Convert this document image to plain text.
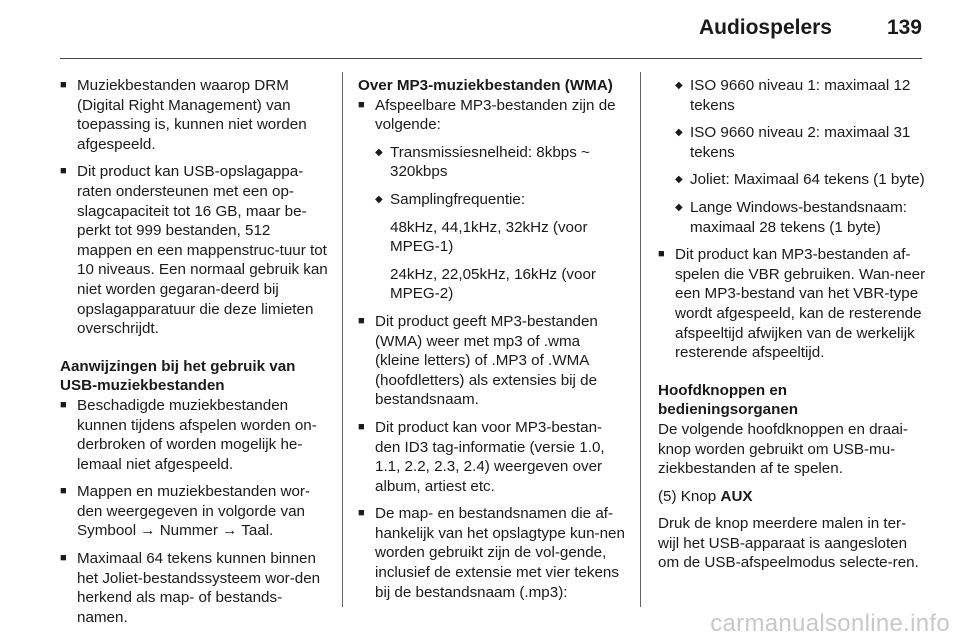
Audiospelers	139
■ Muziekbestanden waarop DRM (Digital Right Management) van toepassing is, kunnen niet worden afgespeeld.
■ Dit product kan USB-opslagappa-raten ondersteunen met een op-slagcapaciteit tot 16 GB, maar be-perkt tot 999 bestanden, 512 mappen en een mappenstruc-tuur tot 10 niveaus. Een normaal gebruik kan niet worden gegaran-deerd bij opslagapparatuur die deze limieten overschrijdt.
Aanwijzingen bij het gebruik van USB-muziekbestanden
■ Beschadigde muziekbestanden kunnen tijdens afspelen worden on-derbroken of worden mogelijk he-lemaal niet afgespeeld.
■ Mappen en muziekbestanden wor-den weergegeven in volgorde van Symbool → Nummer → Taal.
■ Maximaal 64 tekens kunnen binnen het Joliet-bestandssysteem wor-den herkend als map- of bestands-namen.
Over MP3-muziekbestanden (WMA)
■ Afspeelbare MP3-bestanden zijn de volgende:
◆ Transmissiesnelheid: 8kbps ~ 320kbps
◆ Samplingfrequentie:
48kHz, 44,1kHz, 32kHz (voor MPEG-1)
24kHz, 22,05kHz, 16kHz (voor MPEG-2)
■ Dit product geeft MP3-bestanden (WMA) weer met mp3 of .wma (kleine letters) of .MP3 of .WMA (hoofdletters) als extensies bij de bestandsnaam.
■ Dit product kan voor MP3-bestan-den ID3 tag-informatie (versie 1.0, 1.1, 2.2, 2.3, 2.4) weergeven over album, artiest etc.
■ De map- en bestandsnamen die af-hankelijk van het opslagtype kun-nen worden gebruikt zijn de vol-gende, inclusief de extensie met vier tekens bij de bestandsnaam (.mp3):
◆ ISO 9660 niveau 1: maximaal 12 tekens
◆ ISO 9660 niveau 2: maximaal 31 tekens
◆ Joliet: Maximaal 64 tekens (1 byte)
◆ Lange Windows-bestandsnaam: maximaal 28 tekens (1 byte)
■ Dit product kan MP3-bestanden af-spelen die VBR gebruiken. Wan-neer een MP3-bestand van het VBR-type wordt afgespeeld, kan de resterende afspeeltijd afwijken van de werkelijk resterende afspeeltijd.
Hoofdknoppen en bedieningsorganen
De volgende hoofdknoppen en draai-knop worden gebruikt om USB-mu-ziekbestanden af te spelen.
(5) Knop AUX
Druk de knop meerdere malen in ter-wijl het USB-apparaat is aangesloten om de USB-afspeelmodus selecte-ren.
carmanualsonline.info
